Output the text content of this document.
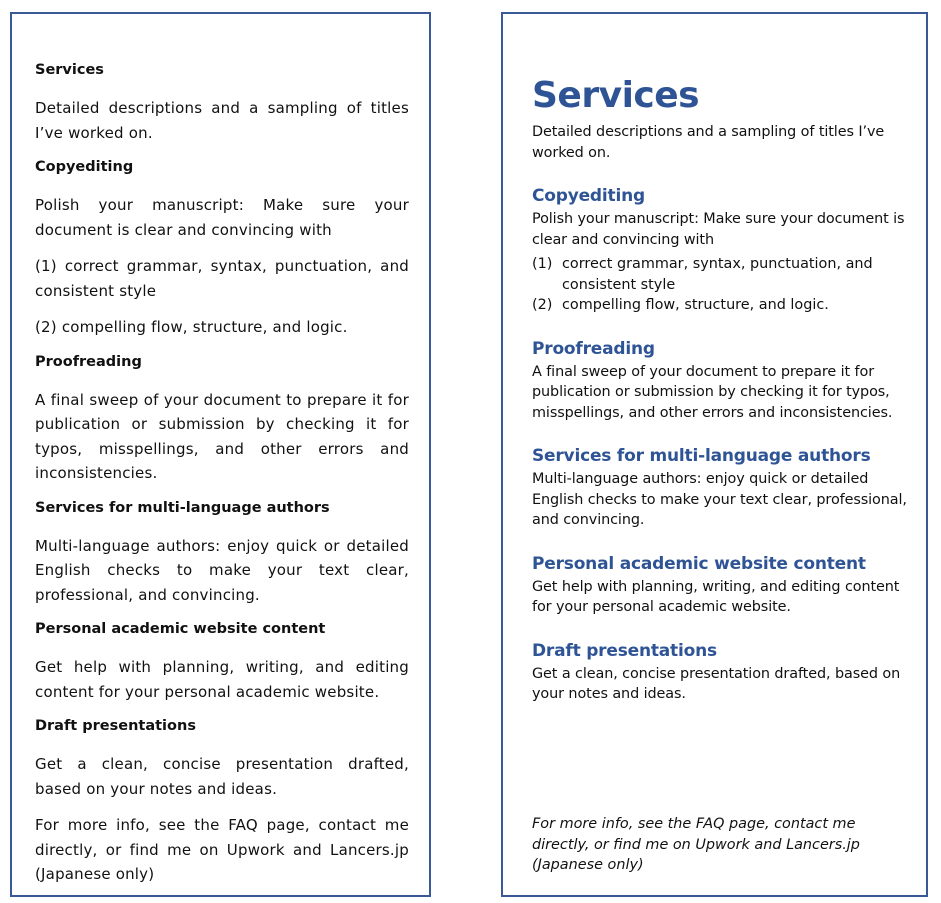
Services
Detailed descriptions and a sampling of titles I’ve worked on.
Copyediting
Polish your manuscript: Make sure your document is clear and convincing with
(1) correct grammar, syntax, punctuation, and consistent style
(2) compelling flow, structure, and logic.
Proofreading
A final sweep of your document to prepare it for publication or submission by checking it for typos, misspellings, and other errors and inconsistencies.
Services for multi-language authors
Multi-language authors: enjoy quick or detailed English checks to make your text clear, professional, and convincing.
Personal academic website content
Get help with planning, writing, and editing content for your personal academic website.
Draft presentations
Get a clean, concise presentation drafted, based on your notes and ideas.
For more info, see the FAQ page, contact me directly, or find me on Upwork and Lancers.jp (Japanese only)
Services

Detailed descriptions and a sampling of titles I’ve worked on.

Copyediting

Polish your manuscript: Make sure your document is clear and convincing with

(1) correct grammar, syntax, punctuation, and consistent style
(2) compelling flow, structure, and logic.
Proofreading

A final sweep of your document to prepare it for publication or submission by checking it for typos, misspellings, and other errors and inconsistencies.

Services for multi-language authors

Multi-language authors: enjoy quick or detailed English checks to make your text clear, professional, and convincing.

Personal academic website content

Get help with planning, writing, and editing content for your personal academic website.

Draft presentations

Get a clean, concise presentation drafted, based on your notes and ideas.

For more info, see the FAQ page, contact me directly, or find me on Upwork and Lancers.jp (Japanese only)
